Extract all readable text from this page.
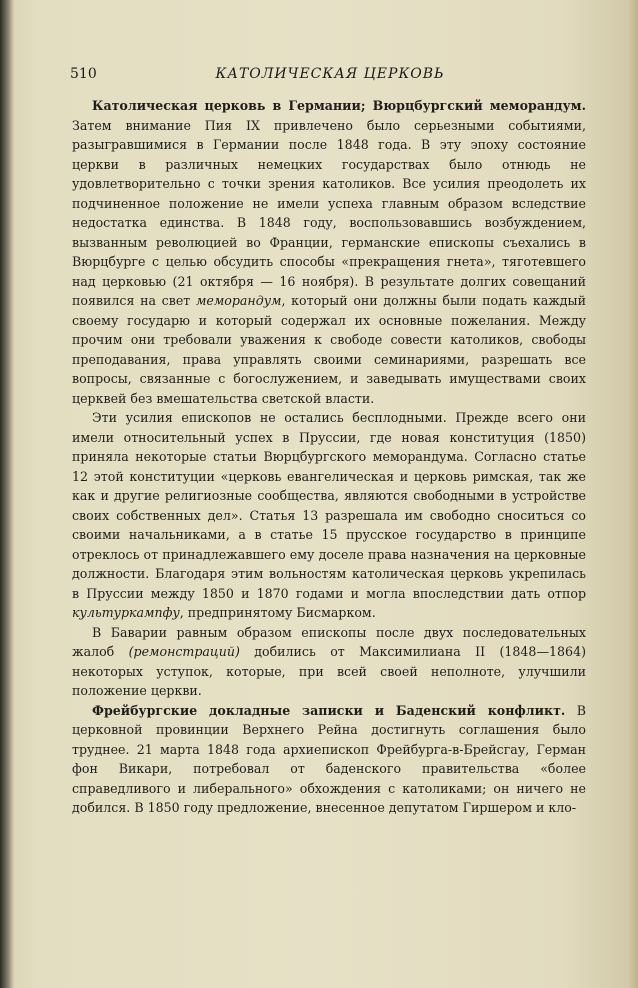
510	КАТОЛИЧЕСКАЯ ЦЕРКОВЬ

Католическая церковь в Германии; Вюрцбургский меморандум. Затем внимание Пия IX привлечено было серьезными событиями, разыгравшимися в Германии после 1848 года. В эту эпоху состояние церкви в различных немецких государствах было отнюдь не удовлетворительно с точки зрения католиков. Все усилия преодолеть их подчиненное положение не имели успеха главным образом вследствие недостатка единства. В 1848 году, воспользовавшись возбуждением, вызванным революцией во Франции, германские епископы съехались в Вюрцбурге с целью обсудить способы «прекращения гнета», тяготевшего над церковью (21 октября — 16 ноября). В результате долгих совещаний появился на свет меморандум, который они должны были подать каждый своему государю и который содержал их основные пожелания. Между прочим они требовали уважения к свободе совести католиков, свободы преподавания, права управлять своими семинариями, разрешать все вопросы, связанные с богослужением, и заведывать имуществами своих церквей без вмешательства светской власти.

Эти усилия епископов не остались бесплодными. Прежде всего они имели относительный успех в Пруссии, где новая конституция (1850) приняла некоторые статьи Вюрцбургского меморандума. Согласно статье 12 этой конституции «церковь евангелическая и церковь римская, так же как и другие религиозные сообщества, являются свободными в устройстве своих собственных дел». Статья 13 разрешала им свободно сноситься со своими начальниками, а в статье 15 прусское государство в принципе отреклось от принадлежавшего ему доселе права назначения на церковные должности. Благодаря этим вольностям католическая церковь укрепилась в Пруссии между 1850 и 1870 годами и могла впоследствии дать отпор культуркампфу, предпринятому Бисмарком.

В Баварии равным образом епископы после двух последовательных жалоб (ремонстраций) добились от Максимилиана II (1848—1864) некоторых уступок, которые, при всей своей неполноте, улучшили положение церкви.

Фрейбургские докладные записки и Баденский конфликт. В церковной провинции Верхнего Рейна достигнуть соглашения было труднее. 21 марта 1848 года архиепископ Фрейбурга-в-Брейсгау, Герман фон Викари, потребовал от баденского правительства «более справедливого и либерального» обхождения с католиками; он ничего не добился. В 1850 году предложение, внесенное депутатом Гиршером и кло-
